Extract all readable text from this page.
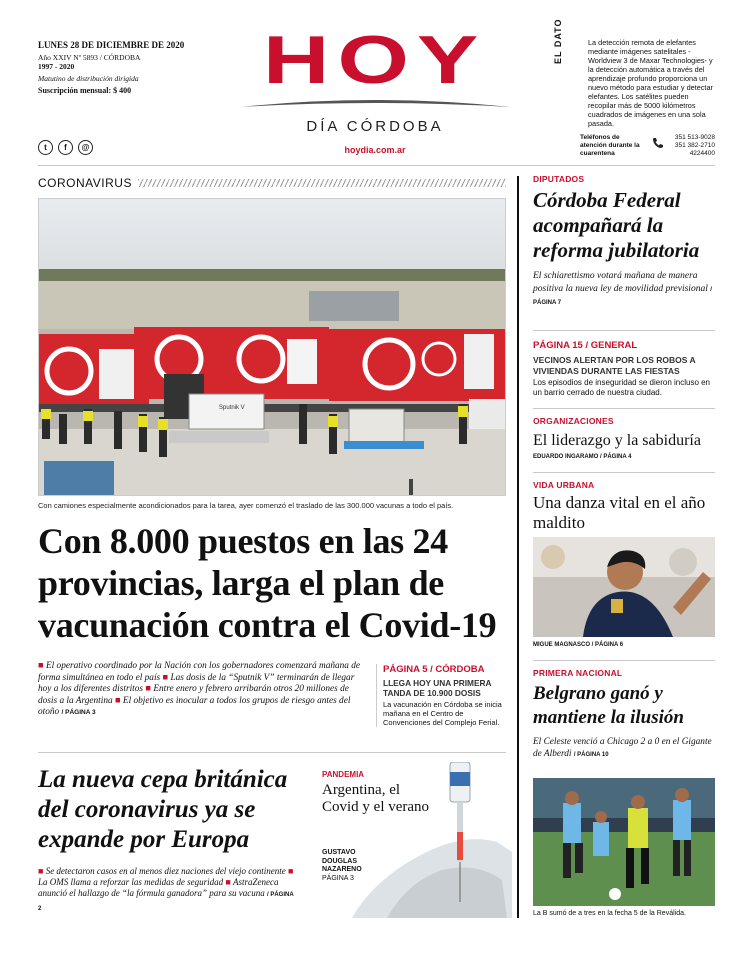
LUNES 28 DE DICIEMBRE DE 2020
Año XXIV Nº 5893 / CÓRDOBA
1997 - 2020
Matutino de distribución dirigida
Suscripción mensual: $ 400
t	f	@
HOY
DÍA CÓRDOBA
hoydia.com.ar
EL DATO	La detección remota de elefantes mediante imágenes satelitales -Worldview 3 de Maxar Technologies- y la detección automática a través del aprendizaje profundo proporciona un nuevo método para estudiar y detectar elefantes. Los satélites pueden recopilar más de 5000 kilómetros cuadrados de imágenes en una sola pasada.
Teléfonos de atención durante la cuarentena
351 513-9028
351 382-2710
4224400
CORONAVIRUS
Sputnik V
Con camiones especialmente acondicionados para la tarea, ayer comenzó el traslado de las 300.000 vacunas a todo el país.
Con 8.000 puestos en las 24 provincias, larga el plan de vacunación contra el Covid-19

■ El operativo coordinado por la Nación con los gobernadores comenzará mañana de forma simultánea en todo el país ■ Las dosis de la “Sputnik V” terminarán de llegar hoy a los diferentes distritos ■ Entre enero y febrero arribarán otros 20 millones de dosis a la Argentina ■ El objetivo es inocular a todos los grupos de riesgo antes del otoño / PÁGINA 3

PÁGINA 5 / CÓRDOBA
LLEGA HOY UNA PRIMERA TANDA DE 10.900 DOSIS
La vacunación en Córdoba se inicia mañana en el Centro de Convenciones del Complejo Ferial.
La nueva cepa británica del coronavirus ya se expande por Europa

■ Se detectaron casos en al menos diez naciones del viejo continente ■ La OMS llama a reforzar las medidas de seguridad ■ AstraZeneca anunció el hallazgo de “la fórmula ganadora” para su vacuna / PÁGINA 2

PANDEMIA
Argentina, el Covid y el verano
GUSTAVO DOUGLAS NAZARENO
PÁGINA 3
DIPUTADOS
Córdoba Federal acompañará la reforma jubilatoria
El schiarettismo votará mañana de manera positiva la nueva ley de movilidad previsional / PÁGINA 7
PÁGINA 15 / GENERAL
VECINOS ALERTAN POR LOS ROBOS A VIVIENDAS DURANTE LAS FIESTAS
Los episodios de inseguridad se dieron incluso en un barrio cerrado de nuestra ciudad.
ORGANIZACIONES
El liderazgo y la sabiduría
EDUARDO INGARAMO / PÁGINA 4
VIDA URBANA
Una danza vital en el año maldito
MIGUE MAGNASCO / PÁGINA 6
PRIMERA NACIONAL
Belgrano ganó y mantiene la ilusión
El Celeste venció a Chicago 2 a 0 en el Gigante de Alberdi / PÁGINA 10
La B sumó de a tres en la fecha 5 de la Reválida.
